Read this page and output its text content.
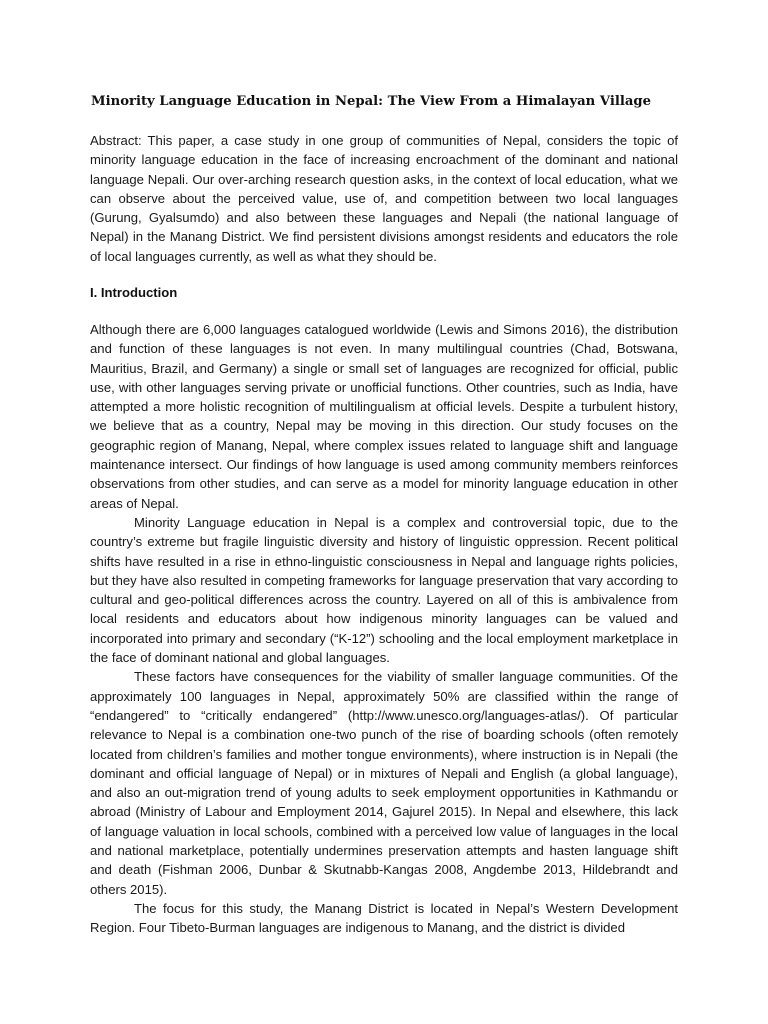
Minority Language Education in Nepal: The View From a Himalayan Village

Abstract: This paper, a case study in one group of communities of Nepal, considers the topic of minority language education in the face of increasing encroachment of the dominant and national language Nepali. Our over-arching research question asks, in the context of local education, what we can observe about the perceived value, use of, and competition between two local languages (Gurung, Gyalsumdo) and also between these languages and Nepali (the national language of Nepal) in the Manang District. We find persistent divisions amongst residents and educators the role of local languages currently, as well as what they should be.

I. Introduction

Although there are 6,000 languages catalogued worldwide (Lewis and Simons 2016), the distribution and function of these languages is not even. In many multilingual countries (Chad, Botswana, Mauritius, Brazil, and Germany) a single or small set of languages are recognized for official, public use, with other languages serving private or unofficial functions. Other countries, such as India, have attempted a more holistic recognition of multilingualism at official levels. Despite a turbulent history, we believe that as a country, Nepal may be moving in this direction. Our study focuses on the geographic region of Manang, Nepal, where complex issues related to language shift and language maintenance intersect. Our findings of how language is used among community members reinforces observations from other studies, and can serve as a model for minority language education in other areas of Nepal.

Minority Language education in Nepal is a complex and controversial topic, due to the country’s extreme but fragile linguistic diversity and history of linguistic oppression. Recent political shifts have resulted in a rise in ethno-linguistic consciousness in Nepal and language rights policies, but they have also resulted in competing frameworks for language preservation that vary according to cultural and geo-political differences across the country. Layered on all of this is ambivalence from local residents and educators about how indigenous minority languages can be valued and incorporated into primary and secondary (“K-12”) schooling and the local employment marketplace in the face of dominant national and global languages.

These factors have consequences for the viability of smaller language communities. Of the approximately 100 languages in Nepal, approximately 50% are classified within the range of “endangered” to “critically endangered” (http://www.unesco.org/languages-atlas/). Of particular relevance to Nepal is a combination one-two punch of the rise of boarding schools (often remotely located from children’s families and mother tongue environments), where instruction is in Nepali (the dominant and official language of Nepal) or in mixtures of Nepali and English (a global language), and also an out-migration trend of young adults to seek employment opportunities in Kathmandu or abroad (Ministry of Labour and Employment 2014, Gajurel 2015). In Nepal and elsewhere, this lack of language valuation in local schools, combined with a perceived low value of languages in the local and national marketplace, potentially undermines preservation attempts and hasten language shift and death (Fishman 2006, Dunbar & Skutnabb-Kangas 2008, Angdembe 2013, Hildebrandt and others 2015).

The focus for this study, the Manang District is located in Nepal’s Western Development Region. Four Tibeto-Burman languages are indigenous to Manang, and the district is divided
